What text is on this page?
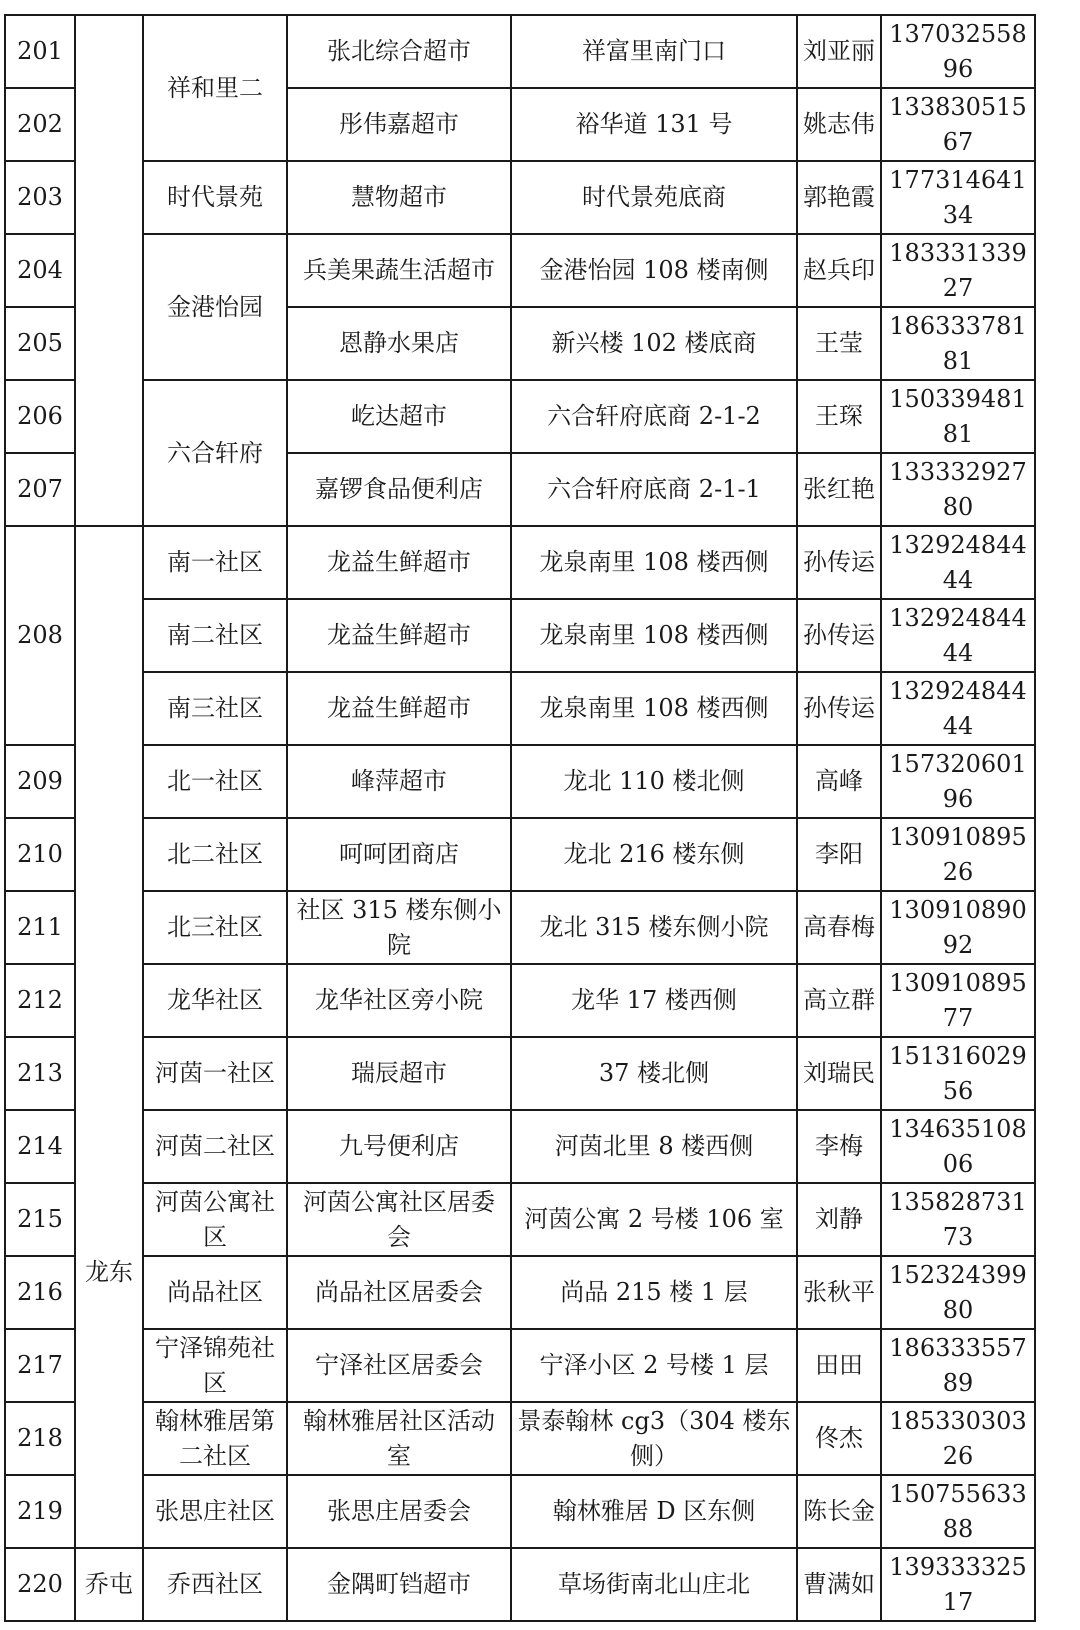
201		祥和里二	张北综合超市	祥富里南门口	刘亚丽	13703255896
202			彤伟嘉超市	裕华道 131 号	姚志伟	13383051567
203		时代景苑	慧物超市	时代景苑底商	郭艳霞	17731464134
204		金港怡园	兵美果蔬生活超市	金港怡园 108 楼南侧	赵兵印	18333133927
205			恩静水果店	新兴楼 102 楼底商	王莹	18633378181
206		六合轩府	屹达超市	六合轩府底商 2-1-2	王琛	15033948181
207			嘉锣食品便利店	六合轩府底商 2-1-1	张红艳	13333292780
208	龙东	南一社区	龙益生鲜超市	龙泉南里 108 楼西侧	孙传运	13292484444
		南二社区	龙益生鲜超市	龙泉南里 108 楼西侧	孙传运	13292484444
		南三社区	龙益生鲜超市	龙泉南里 108 楼西侧	孙传运	13292484444
209		北一社区	峰萍超市	龙北 110 楼北侧	高峰	15732060196
210		北二社区	呵呵团商店	龙北 216 楼东侧	李阳	13091089526
211		北三社区	社区 315 楼东侧小院	龙北 315 楼东侧小院	高春梅	13091089092
212		龙华社区	龙华社区旁小院	龙华 17 楼西侧	高立群	13091089577
213		河茵一社区	瑞辰超市	37 楼北侧	刘瑞民	15131602956
214		河茵二社区	九号便利店	河茵北里 8 楼西侧	李梅	13463510806
215		河茵公寓社区	河茵公寓社区居委会	河茵公寓 2 号楼 106 室	刘静	13582873173
216		尚品社区	尚品社区居委会	尚品 215 楼 1 层	张秋平	15232439980
217		宁泽锦苑社区	宁泽社区居委会	宁泽小区 2 号楼 1 层	田田	18633355789
218		翰林雅居第二社区	翰林雅居社区活动室	景泰翰林 cg3（304 楼东侧）	佟杰	18533030326
219		张思庄社区	张思庄居委会	翰林雅居 D 区东侧	陈长金	15075563388
220	乔屯	乔西社区	金隅町铛超市	草场街南北山庄北	曹满如	13933332517
